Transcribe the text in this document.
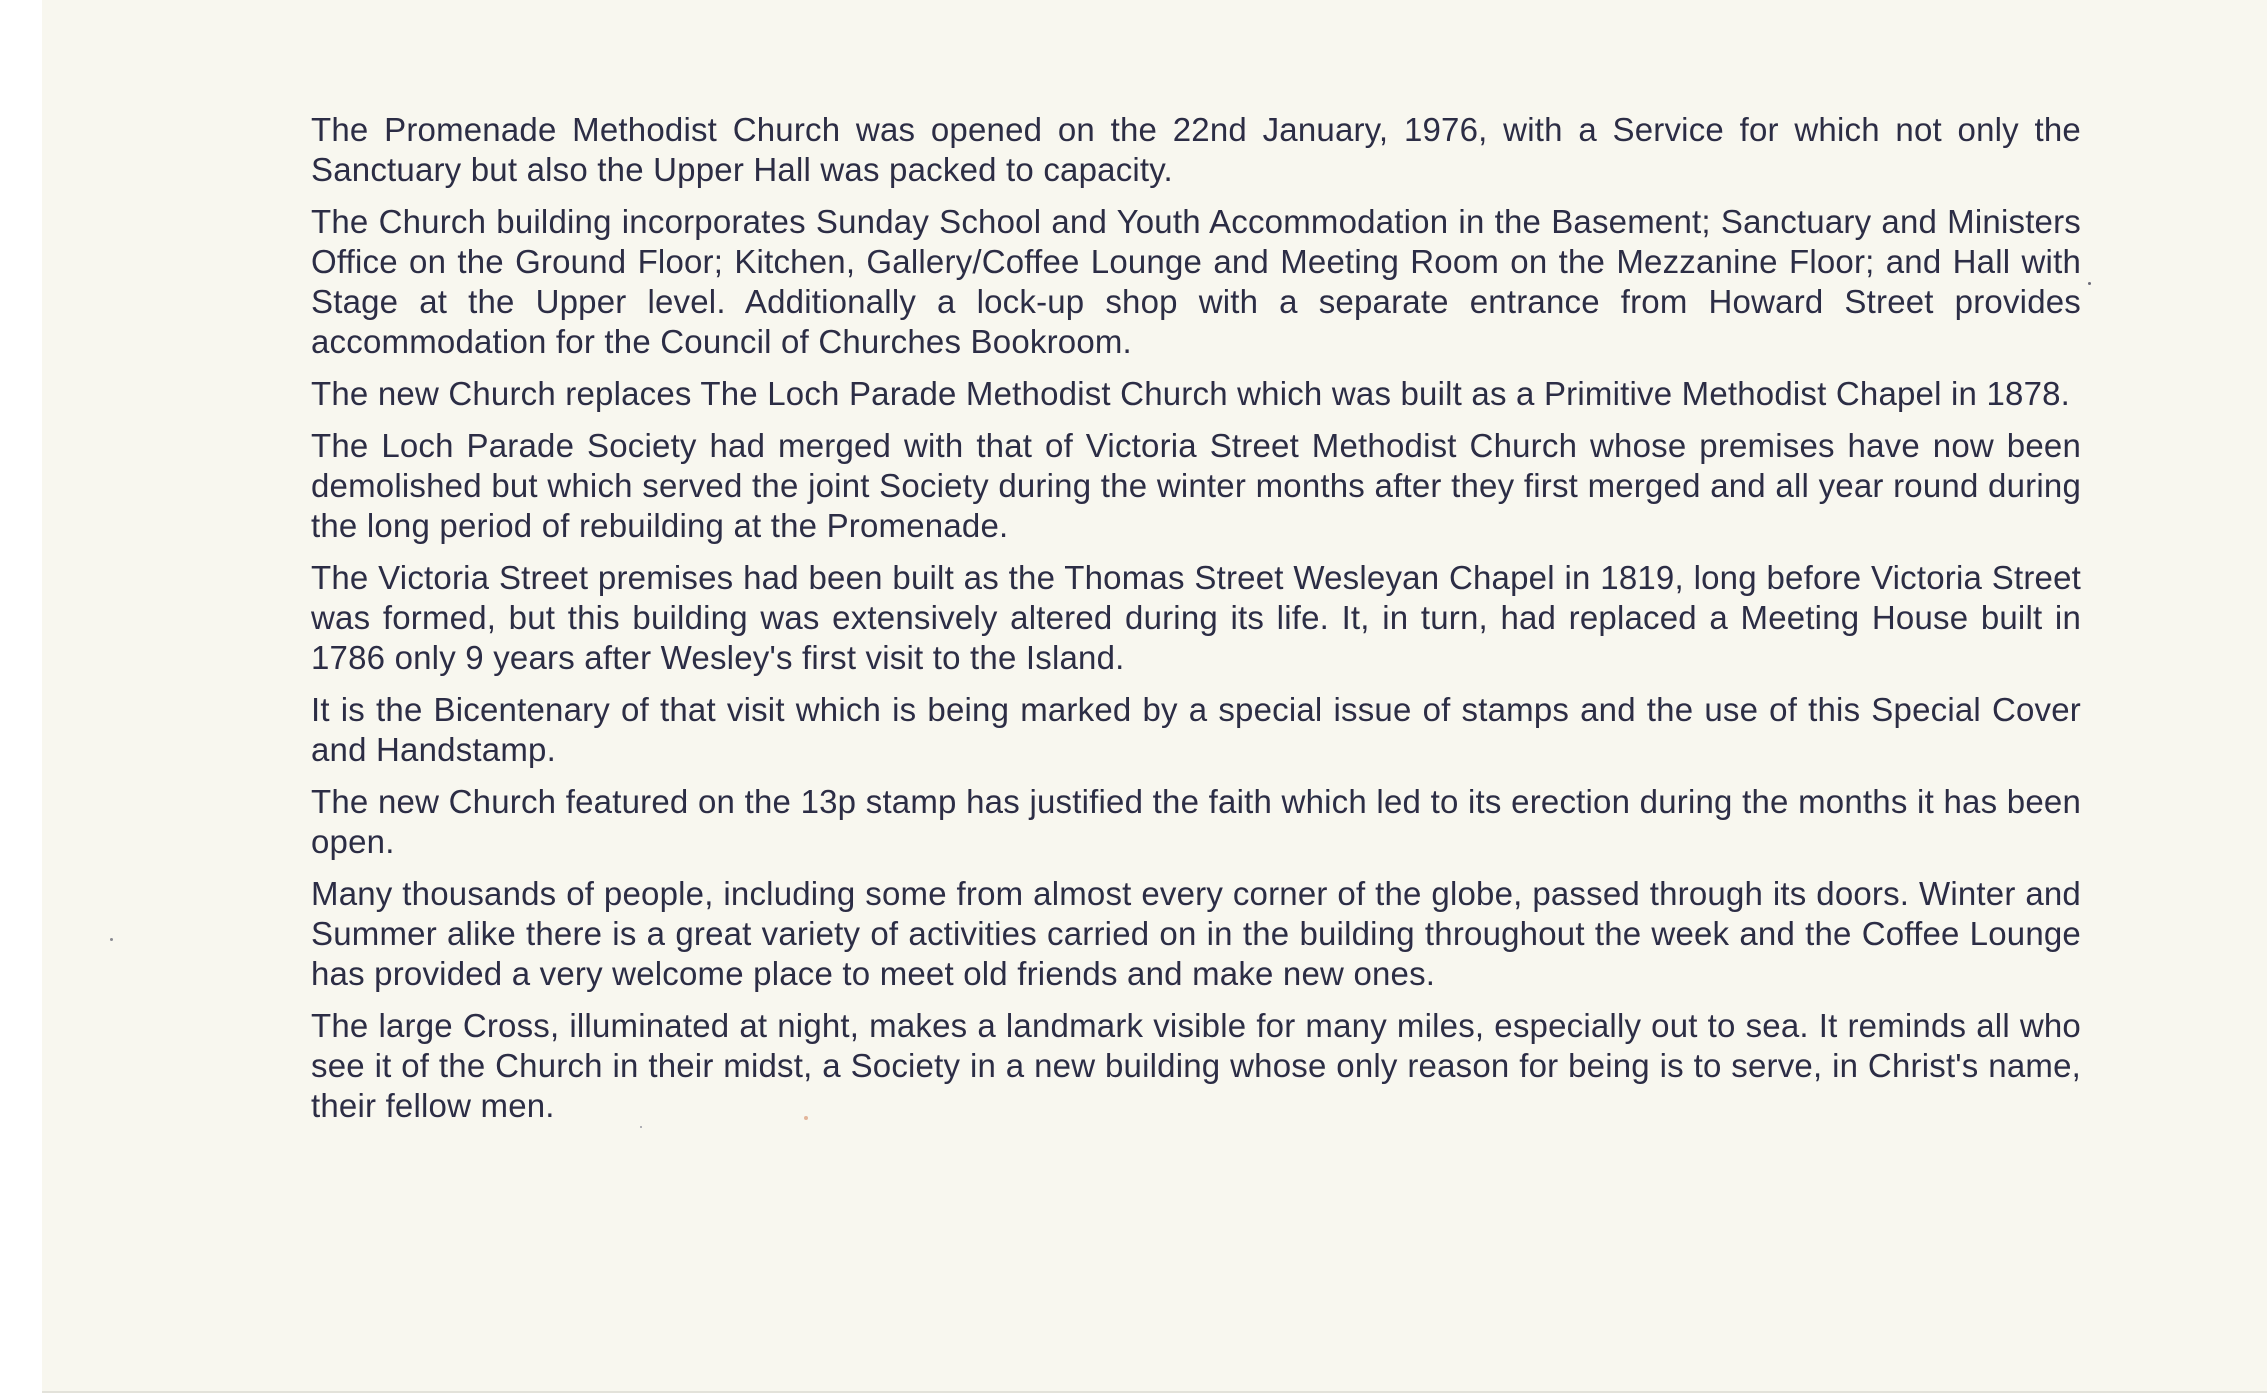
The Promenade Methodist Church was opened on the 22nd January, 1976, with a Service for which not only the Sanctuary but also the Upper Hall was packed to capacity.

The Church building incorporates Sunday School and Youth Accommodation in the Basement; Sanctuary and Ministers Office on the Ground Floor; Kitchen, Gallery/Coffee Lounge and Meeting Room on the Mezzanine Floor; and Hall with Stage at the Upper level. Additionally a lock-up shop with a separate entrance from Howard Street provides accommodation for the Council of Churches Bookroom.

The new Church replaces The Loch Parade Methodist Church which was built as a Primitive Methodist Chapel in 1878.

The Loch Parade Society had merged with that of Victoria Street Methodist Church whose premises have now been demolished but which served the joint Society during the winter months after they first merged and all year round during the long period of rebuilding at the Promenade.

The Victoria Street premises had been built as the Thomas Street Wesleyan Chapel in 1819, long before Victoria Street was formed, but this building was extensively altered during its life. It, in turn, had replaced a Meeting House built in 1786 only 9 years after Wesley's first visit to the Island.

It is the Bicentenary of that visit which is being marked by a special issue of stamps and the use of this Special Cover and Handstamp.

The new Church featured on the 13p stamp has justified the faith which led to its erection during the months it has been open.

Many thousands of people, including some from almost every corner of the globe, passed through its doors. Winter and Summer alike there is a great variety of activities carried on in the building throughout the week and the Coffee Lounge has provided a very welcome place to meet old friends and make new ones.

The large Cross, illuminated at night, makes a landmark visible for many miles, especially out to sea. It reminds all who see it of the Church in their midst, a Society in a new building whose only reason for being is to serve, in Christ's name, their fellow men.
